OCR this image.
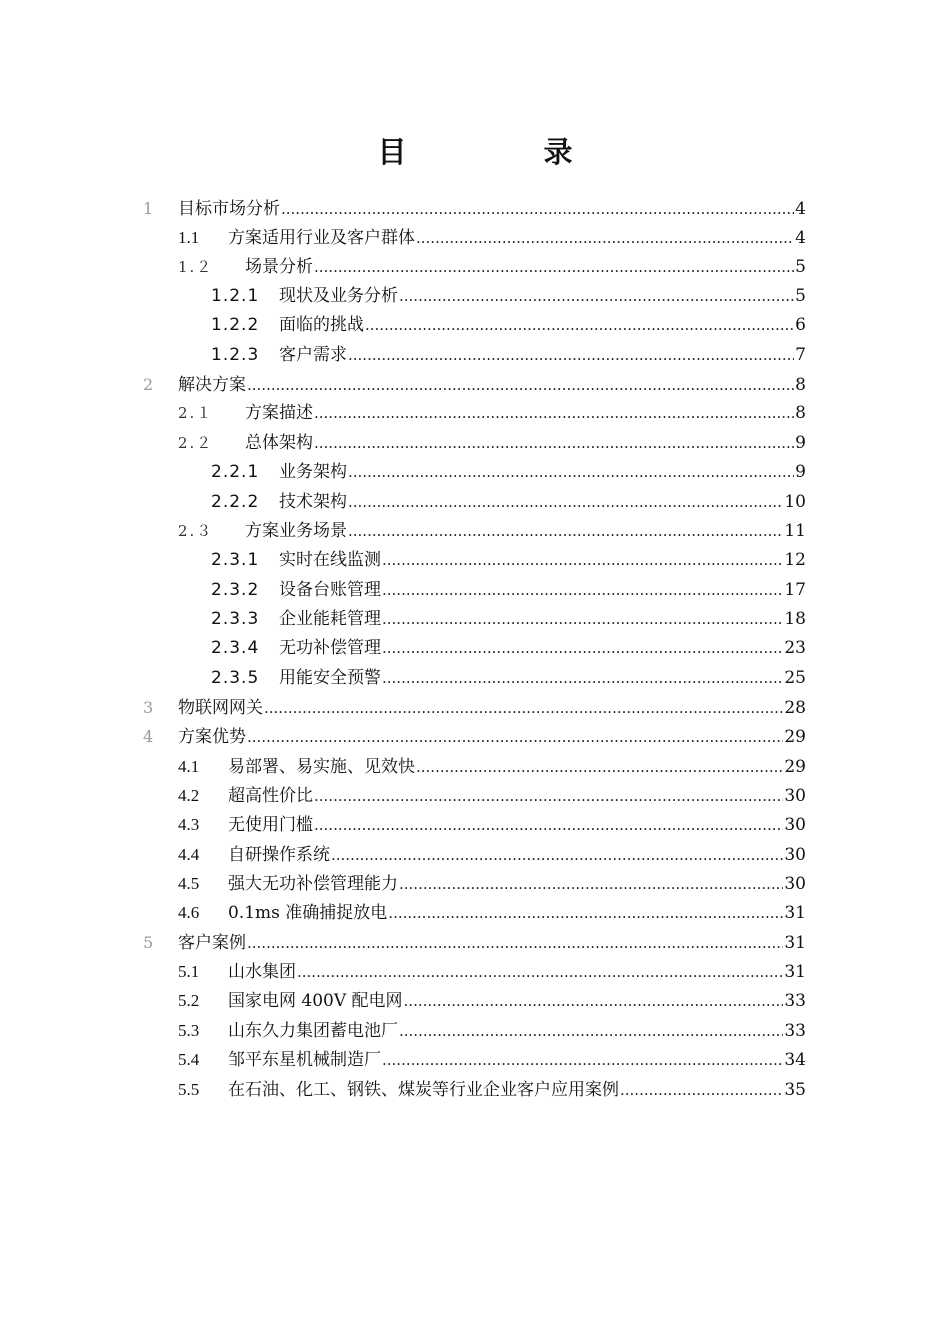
目　录
1	目标市场分析 .....	4
1.1	方案适用行业及客户群体 .....	4
1.２	场景分析 .....	5
1.2.1	现状及业务分析 .....	5
1.2.2	面临的挑战 .....	6
1.2.3	客户需求 .....	7
2	解决方案 .....	8
2.１	方案描述 .....	8
2.２	总体架构 .....	9
2.2.1	业务架构 .....	9
2.2.2	技术架构 .....	10
2.３	方案业务场景 .....	11
2.3.1	实时在线监测 .....	12
2.3.2	设备台账管理 .....	17
2.3.3	企业能耗管理 .....	18
2.3.4	无功补偿管理 .....	23
2.3.5	用能安全预警 .....	25
3	物联网网关 .....	28
4	方案优势 .....	29
4.1	易部署、易实施、见效快 .....	29
4.2	超高性价比 .....	30
4.3	无使用门槛 .....	30
4.4	自研操作系统 .....	30
4.5	强大无功补偿管理能力 .....	30
4.6	0.1ms 准确捕捉放电 .....	31
5	客户案例 .....	31
5.1	山水集团 .....	31
5.2	国家电网 400V 配电网 .....	33
5.3	山东久力集团蓄电池厂 .....	33
5.4	邹平东星机械制造厂 .....	34
5.5	在石油、化工、钢铁、煤炭等行业企业客户应用案例 .....	35
